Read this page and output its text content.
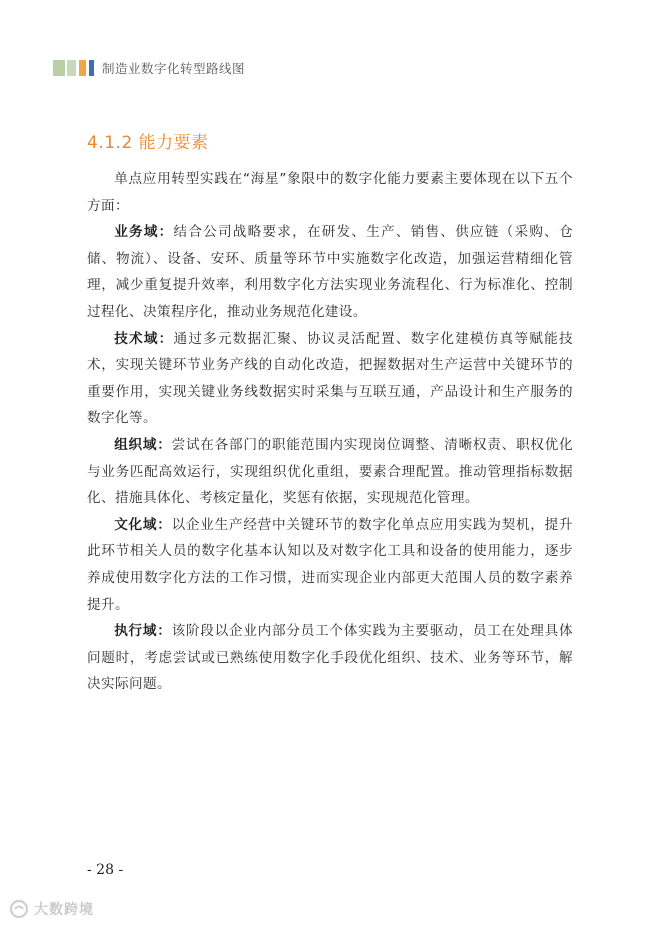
制造业数字化转型路线图
4.1.2 能力要素

单点应用转型实践在“海星”象限中的数字化能力要素主要体现在以下五个方面：

业务域：结合公司战略要求，在研发、生产、销售、供应链（采购、仓储、物流）、设备、安环、质量等环节中实施数字化改造，加强运营精细化管理，减少重复提升效率，利用数字化方法实现业务流程化、行为标准化、控制过程化、决策程序化，推动业务规范化建设。

技术域：通过多元数据汇聚、协议灵活配置、数字化建模仿真等赋能技术，实现关键环节业务产线的自动化改造，把握数据对生产运营中关键环节的重要作用，实现关键业务线数据实时采集与互联互通，产品设计和生产服务的数字化等。

组织域：尝试在各部门的职能范围内实现岗位调整、清晰权责、职权优化与业务匹配高效运行，实现组织优化重组，要素合理配置。推动管理指标数据化、措施具体化、考核定量化，奖惩有依据，实现规范化管理。

文化域：以企业生产经营中关键环节的数字化单点应用实践为契机，提升此环节相关人员的数字化基本认知以及对数字化工具和设备的使用能力，逐步养成使用数字化方法的工作习惯，进而实现企业内部更大范围人员的数字素养提升。

执行域：该阶段以企业内部分员工个体实践为主要驱动，员工在处理具体问题时，考虑尝试或已熟练使用数字化手段优化组织、技术、业务等环节，解决实际问题。

- 28 -
大数跨境
